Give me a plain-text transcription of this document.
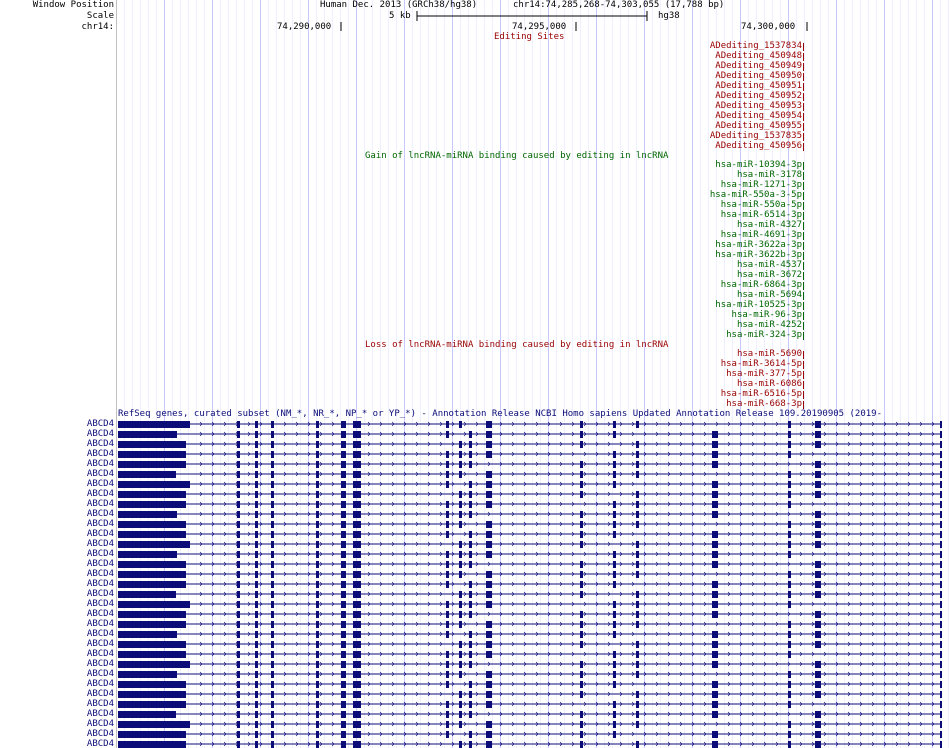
Window Position
Scale
chr14:
Human Dec. 2013 (GRCh38/hg38)	chr14:74,285,268-74,303,055 (17,788 bp)
5 kb	hg38
74,290,000	74,295,000	74,300,000
Editing Sites
Gain of lncRNA-miRNA binding caused by editing in lncRNA
Loss of lncRNA-miRNA binding caused by editing in lncRNA
RefSeq genes, curated subset (NM_*, NR_*, NP_* or YP_*) - Annotation Release NCBI Homo sapiens Updated Annotation Release 109.20190905 (2019-
ADediting_1537834
ADediting_450948
ADediting_450949
ADediting_450950
ADediting_450951
ADediting_450952
ADediting_450953
ADediting_450954
ADediting_450955
ADediting_1537835
ADediting_450956
hsa-miR-10394-3p
hsa-miR-3178
hsa-miR-1271-3p
hsa-miR-550a-3-5p
hsa-miR-550a-5p
hsa-miR-6514-3p
hsa-miR-4327
hsa-miR-4691-3p
hsa-miR-3622a-3p
hsa-miR-3622b-3p
hsa-miR-4537
hsa-miR-3672
hsa-miR-6864-3p
hsa-miR-5694
hsa-miR-10525-3p
hsa-miR-96-3p
hsa-miR-4252
hsa-miR-324-3p
hsa-miR-5690
hsa-miR-3614-5p
hsa-miR-377-5p
hsa-miR-6086
hsa-miR-6516-5p
hsa-miR-668-3p
ABCD4
ABCD4
ABCD4
ABCD4
ABCD4
ABCD4
ABCD4
ABCD4
ABCD4
ABCD4
ABCD4
ABCD4
ABCD4
ABCD4
ABCD4
ABCD4
ABCD4
ABCD4
ABCD4
ABCD4
ABCD4
ABCD4
ABCD4
ABCD4
ABCD4
ABCD4
ABCD4
ABCD4
ABCD4
ABCD4
ABCD4
ABCD4
ABCD4
